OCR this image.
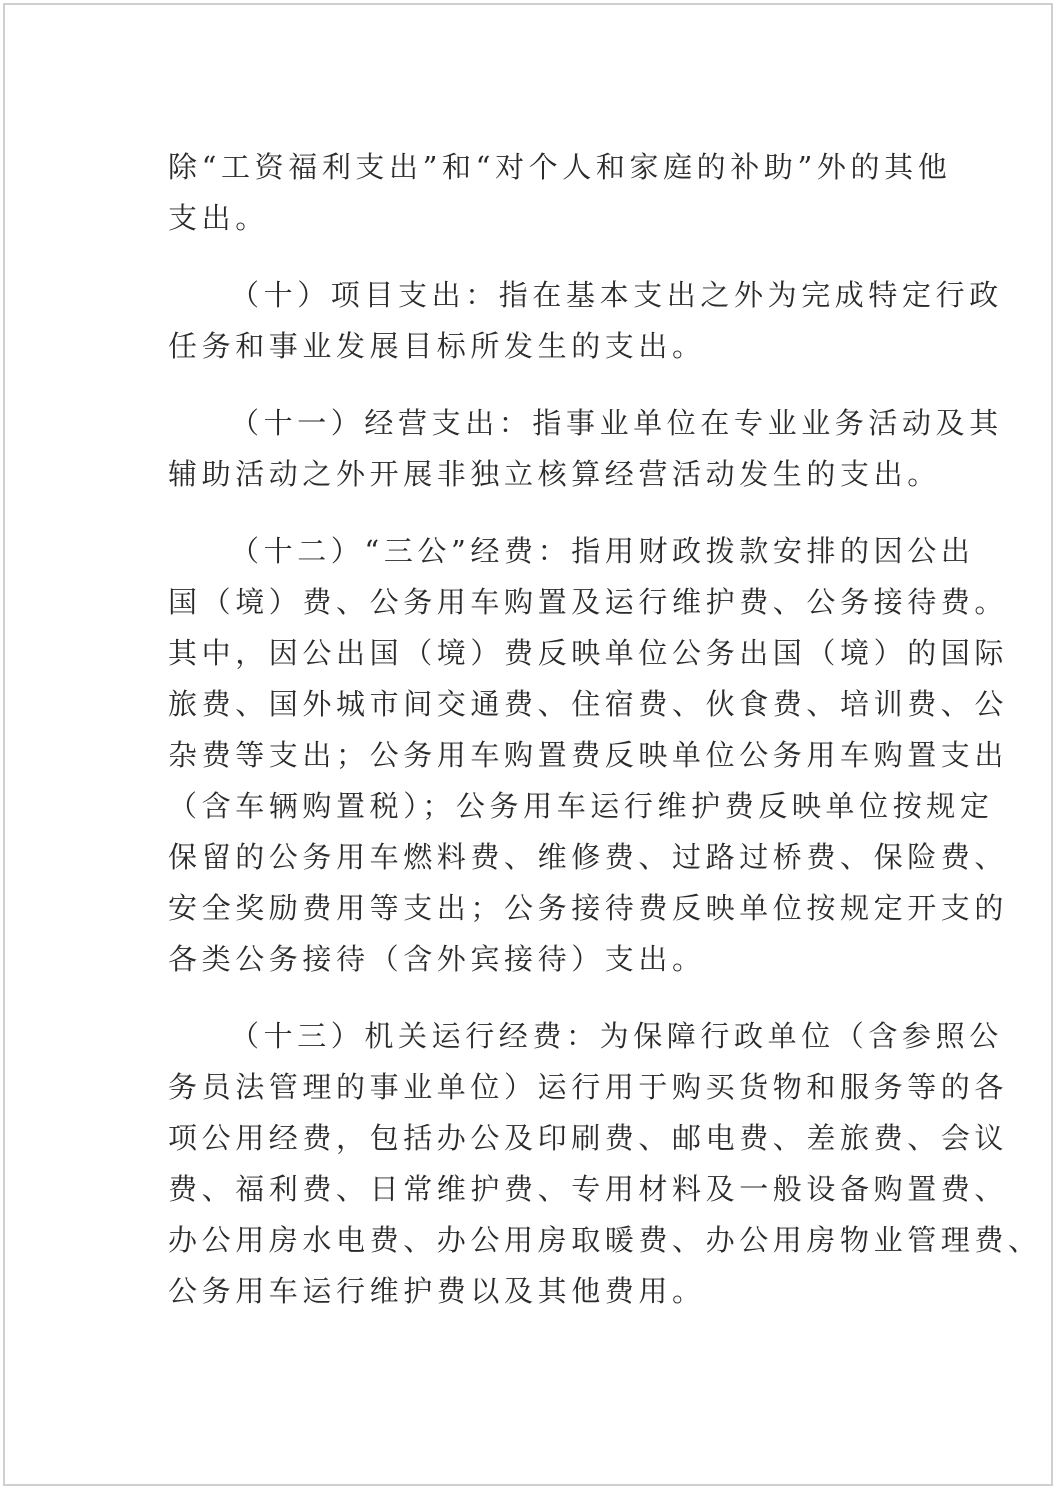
除“工资福利支出”和“对个人和家庭的补助”外的其他
支出。
（十）项目支出：指在基本支出之外为完成特定行政
任务和事业发展目标所发生的支出。
（十一）经营支出：指事业单位在专业业务活动及其
辅助活动之外开展非独立核算经营活动发生的支出。
（十二）“三公”经费：指用财政拨款安排的因公出
国（境）费、公务用车购置及运行维护费、公务接待费。
其中，因公出国（境）费反映单位公务出国（境）的国际
旅费、国外城市间交通费、住宿费、伙食费、培训费、公
杂费等支出；公务用车购置费反映单位公务用车购置支出
（含车辆购置税）；公务用车运行维护费反映单位按规定
保留的公务用车燃料费、维修费、过路过桥费、保险费、
安全奖励费用等支出；公务接待费反映单位按规定开支的
各类公务接待（含外宾接待）支出。
（十三）机关运行经费：为保障行政单位（含参照公
务员法管理的事业单位）运行用于购买货物和服务等的各
项公用经费，包括办公及印刷费、邮电费、差旅费、会议
费、福利费、日常维护费、专用材料及一般设备购置费、
办公用房水电费、办公用房取暖费、办公用房物业管理费、
公务用车运行维护费以及其他费用。
